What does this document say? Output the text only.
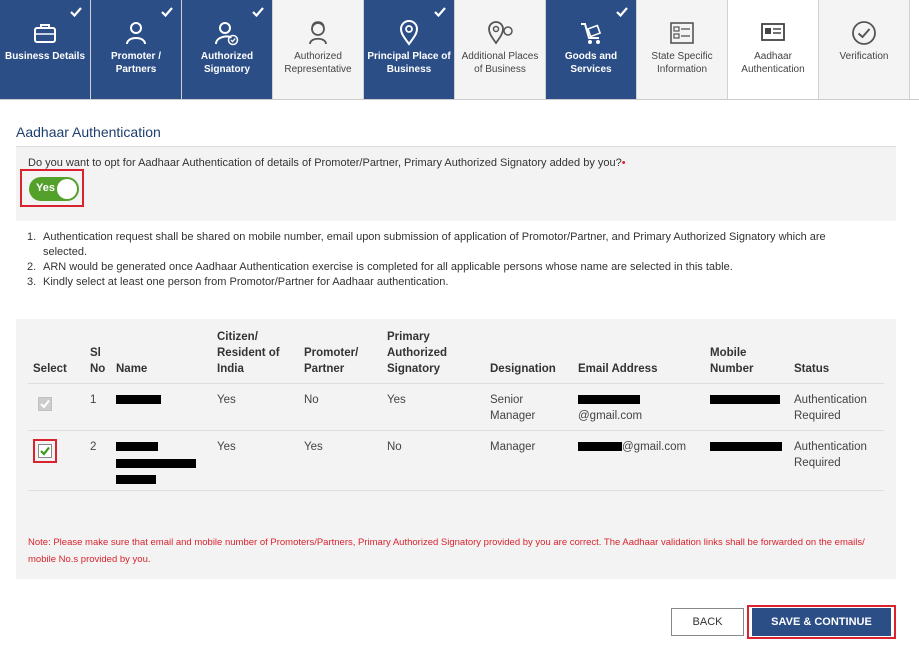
Business Details	Promoter / Partners
Authorized Signatory
Authorized Representative
Principal Place of Business
Additional Places of Business
Goods and Services
State Specific Information
Aadhaar Authentication
Verification
Aadhaar Authentication
Do you want to opt for Aadhaar Authentication of details of Promoter/Partner, Primary Authorized Signatory added by you?•
Yes
1. Authentication request shall be shared on mobile number, email upon submission of application of Promotor/Partner, and Primary Authorized Signatory which are selected.
2. ARN would be generated once Aadhaar Authentication exercise is completed for all applicable persons whose name are selected in this table.
3. Kindly select at least one person from Promotor/Partner for Aadhaar authentication.
Select	Sl No	Name	Citizen/ Resident of India	Promoter/ Partner	Primary Authorized Signatory	Designation	Email Address	Mobile Number	Status

	1		Yes	No	Yes	Senior Manager	@gmail.com		Authentication Required

	2		Yes	Yes	No	Manager	@gmail.com		Authentication Required
Note: Please make sure that email and mobile number of Promoters/Partners, Primary Authorized Signatory provided by you are correct. The Aadhaar validation links shall be forwarded on the emails/ mobile No.s provided by you.
BACK	SAVE & CONTINUE
